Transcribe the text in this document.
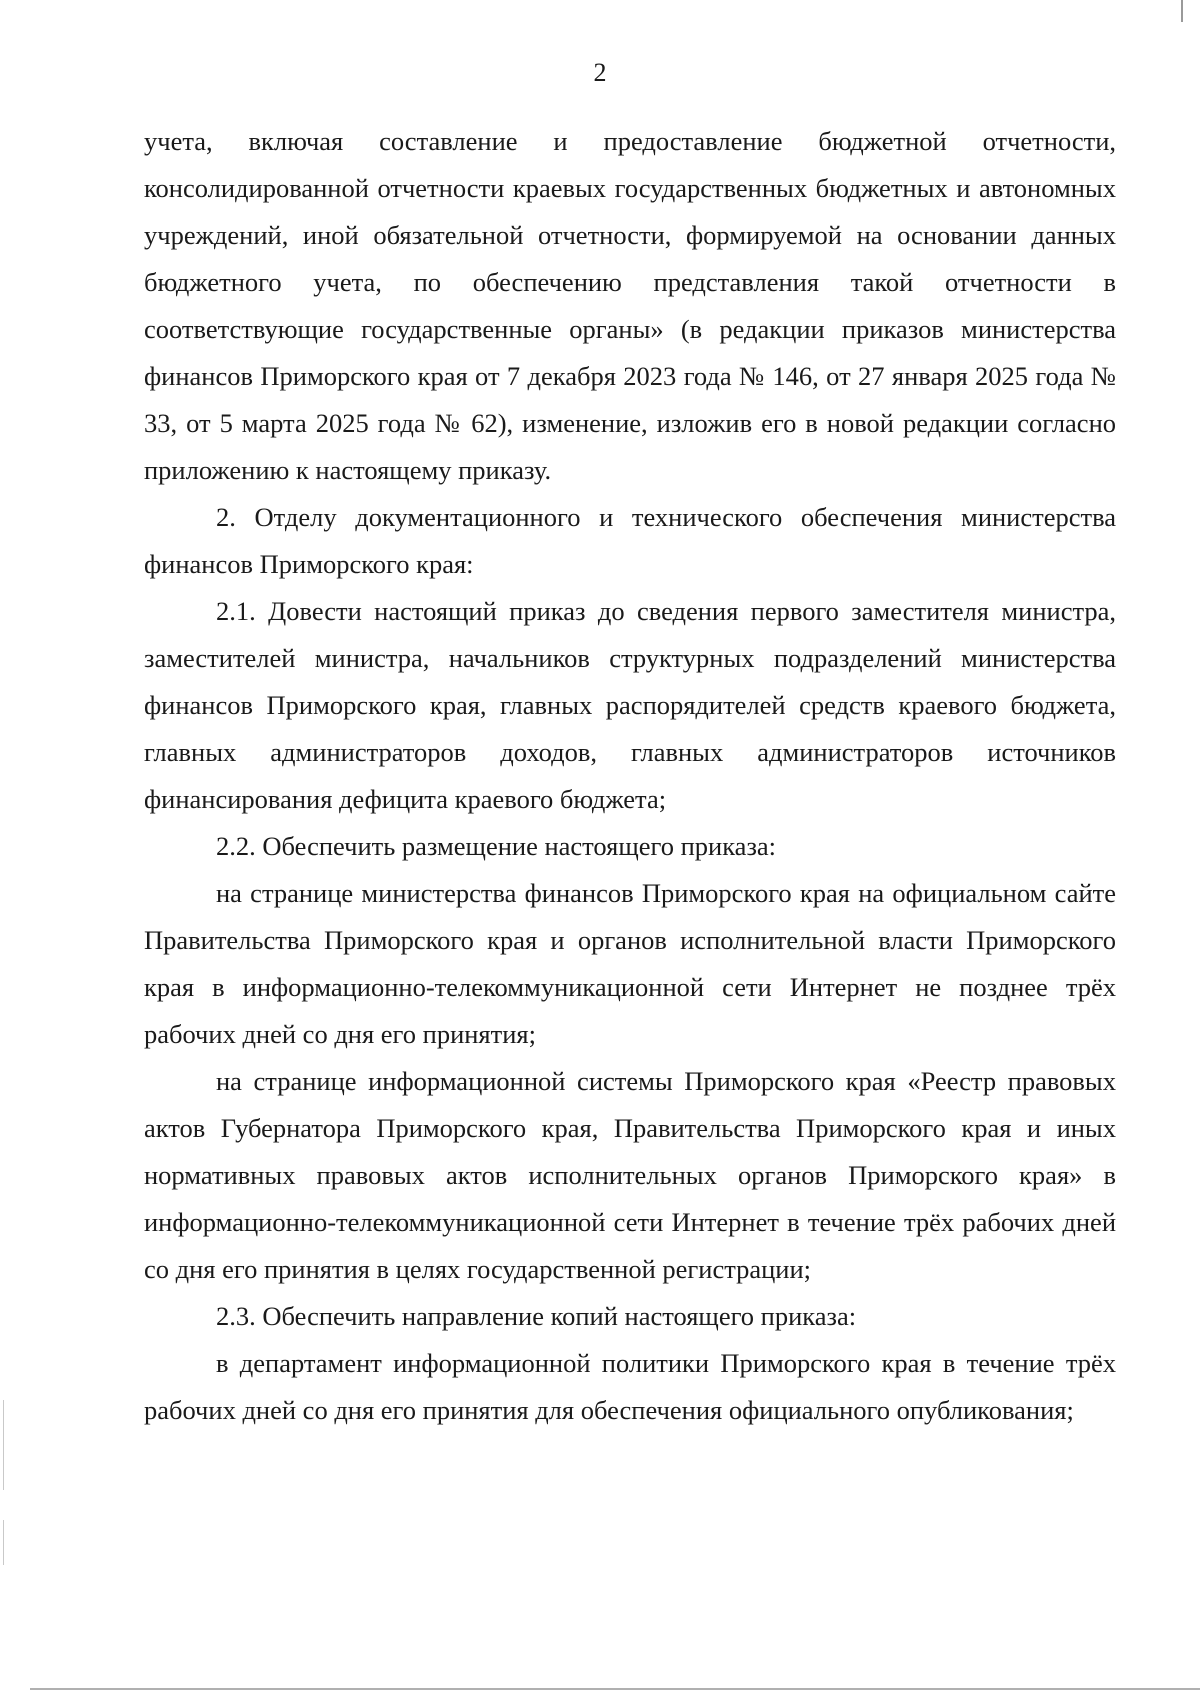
2

учета, включая составление и предоставление бюджетной отчетности, консолидированной отчетности краевых государственных бюджетных и автономных учреждений, иной обязательной отчетности, формируемой на основании данных бюджетного учета, по обеспечению представления такой отчетности в соответствующие государственные органы» (в редакции приказов министерства финансов Приморского края от 7 декабря 2023 года № 146, от 27 января 2025 года № 33, от 5 марта 2025 года № 62), изменение, изложив его в новой редакции согласно приложению к настоящему приказу.

2. Отделу документационного и технического обеспечения министерства финансов Приморского края:

2.1. Довести настоящий приказ до сведения первого заместителя министра, заместителей министра, начальников структурных подразделений министерства финансов Приморского края, главных распорядителей средств краевого бюджета, главных администраторов доходов, главных администраторов источников финансирования дефицита краевого бюджета;

2.2. Обеспечить размещение настоящего приказа:

на странице министерства финансов Приморского края на официальном сайте Правительства Приморского края и органов исполнительной власти Приморского края в информационно-телекоммуникационной сети Интернет не позднее трёх рабочих дней со дня его принятия;

на странице информационной системы Приморского края «Реестр правовых актов Губернатора Приморского края, Правительства Приморского края и иных нормативных правовых актов исполнительных органов Приморского края» в информационно-телекоммуникационной сети Интернет в течение трёх рабочих дней со дня его принятия в целях государственной регистрации;

2.3. Обеспечить направление копий настоящего приказа:

в департамент информационной политики Приморского края в течение трёх рабочих дней со дня его принятия для обеспечения официального опубликования;
